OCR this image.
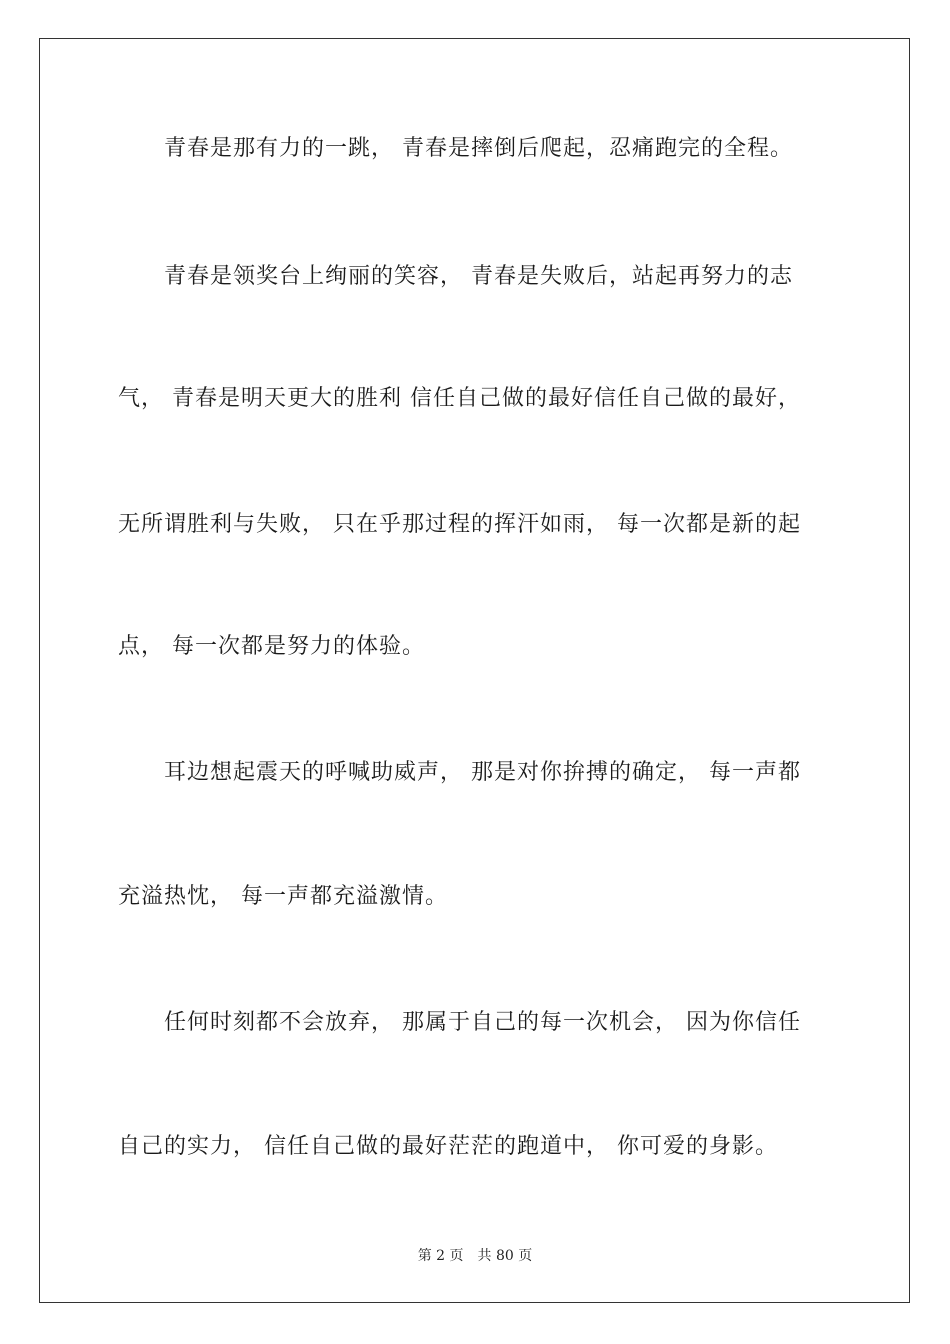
青春是那有力的一跳， 青春是摔倒后爬起，忍痛跑完的全程。
青春是领奖台上绚丽的笑容， 青春是失败后，站起再努力的志
气， 青春是明天更大的胜利 信任自己做的最好信任自己做的最好，
无所谓胜利与失败， 只在乎那过程的挥汗如雨， 每一次都是新的起
点， 每一次都是努力的体验。
耳边想起震天的呼喊助威声， 那是对你拚搏的确定， 每一声都
充溢热忱， 每一声都充溢激情。
任何时刻都不会放弃， 那属于自己的每一次机会， 因为你信任
自己的实力， 信任自己做的最好茫茫的跑道中， 你可爱的身影。
第 2 页 共 80 页
